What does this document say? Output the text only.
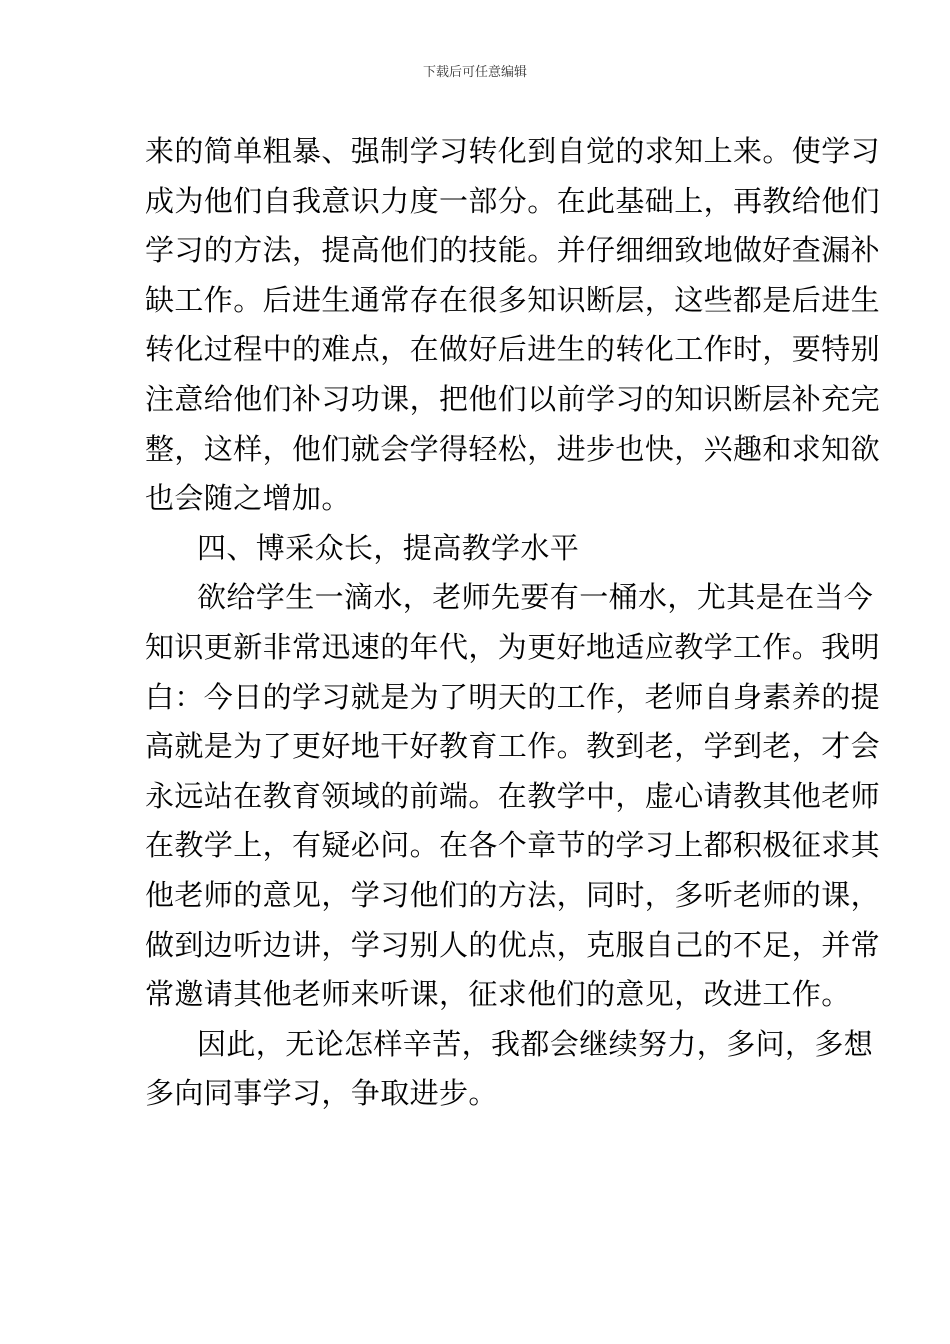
下载后可任意编辑
来的简单粗暴、强制学习转化到自觉的求知上来。使学习
成为他们自我意识力度一部分。在此基础上，再教给他们
学习的方法，提高他们的技能。并仔细细致地做好查漏补
缺工作。后进生通常存在很多知识断层，这些都是后进生
转化过程中的难点，在做好后进生的转化工作时，要特别
注意给他们补习功课，把他们以前学习的知识断层补充完
整，这样，他们就会学得轻松，进步也快，兴趣和求知欲
也会随之增加。
四、博采众长，提高教学水平
欲给学生一滴水，老师先要有一桶水，尤其是在当今
知识更新非常迅速的年代，为更好地适应教学工作。我明
白：今日的学习就是为了明天的工作，老师自身素养的提
高就是为了更好地干好教育工作。教到老，学到老，才会
永远站在教育领域的前端。在教学中，虚心请教其他老师
在教学上，有疑必问。在各个章节的学习上都积极征求其
他老师的意见，学习他们的方法，同时，多听老师的课，
做到边听边讲，学习别人的优点，克服自己的不足，并常
常邀请其他老师来听课，征求他们的意见，改进工作。
因此，无论怎样辛苦，我都会继续努力，多问，多想
多向同事学习，争取进步。
